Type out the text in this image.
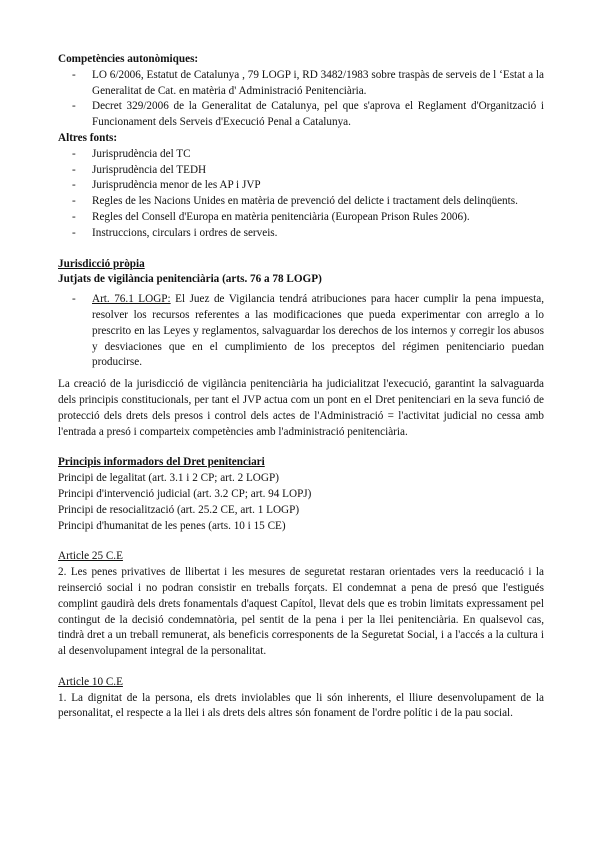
Competències autonòmiques:

- LO 6/2006, Estatut de Catalunya , 79 LOGP i, RD 3482/1983 sobre traspàs de serveis de l ‘Estat a la Generalitat de Cat. en matèria d' Administració Penitenciària.
- Decret 329/2006 de la Generalitat de Catalunya, pel que s'aprova el Reglament d'Organització i Funcionament dels Serveis d'Execució Penal a Catalunya.

Altres fonts:

- Jurisprudència del TC
- Jurisprudència del TEDH
- Jurisprudència menor de les AP i JVP
- Regles de les Nacions Unides en matèria de prevenció del delicte i tractament dels delinqüents.
- Regles del Consell d'Europa en matèria penitenciària (European Prison Rules 2006).
- Instruccions, circulars i ordres de serveis.

Jurisdicció pròpia

Jutjats de vigilància penitenciària (arts. 76 a 78 LOGP)

- Art. 76.1 LOGP: El Juez de Vigilancia tendrá atribuciones para hacer cumplir la pena impuesta, resolver los recursos referentes a las modificaciones que pueda experimentar con arreglo a lo prescrito en las Leyes y reglamentos, salvaguardar los derechos de los internos y corregir los abusos y desviaciones que en el cumplimiento de los preceptos del régimen penitenciario puedan producirse.

La creació de la jurisdicció de vigilància penitenciària ha judicialitzat l'execució, garantint la salvaguarda dels principis constitucionals, per tant el JVP actua com un pont en el Dret penitenciari en la seva funció de protecció dels drets dels presos i control dels actes de l'Administració = l'activitat judicial no cessa amb l'entrada a presó i comparteix competències amb l'administració penitenciària.

Principis informadors del Dret penitenciari

Principi de legalitat (art. 3.1 i 2 CP; art. 2 LOGP)

Principi d'intervenció judicial (art. 3.2 CP; art. 94 LOPJ)

Principi de resocialització (art. 25.2 CE, art. 1 LOGP)

Principi d'humanitat de les penes (arts. 10 i 15 CE)

Article 25 C.E

2. Les penes privatives de llibertat i les mesures de seguretat restaran orientades vers la reeducació i la reinserció social i no podran consistir en treballs forçats. El condemnat a pena de presó que l'estigués complint gaudirà dels drets fonamentals d'aquest Capítol, llevat dels que es trobin limitats expressament pel contingut de la decisió condemnatòria, pel sentit de la pena i per la llei penitenciària. En qualsevol cas, tindrà dret a un treball remunerat, als beneficis corresponents de la Seguretat Social, i a l'accés a la cultura i al desenvolupament integral de la personalitat.

Article 10 C.E

1. La dignitat de la persona, els drets inviolables que li són inherents, el lliure desenvolupament de la personalitat, el respecte a la llei i als drets dels altres són fonament de l'ordre polític i de la pau social.
